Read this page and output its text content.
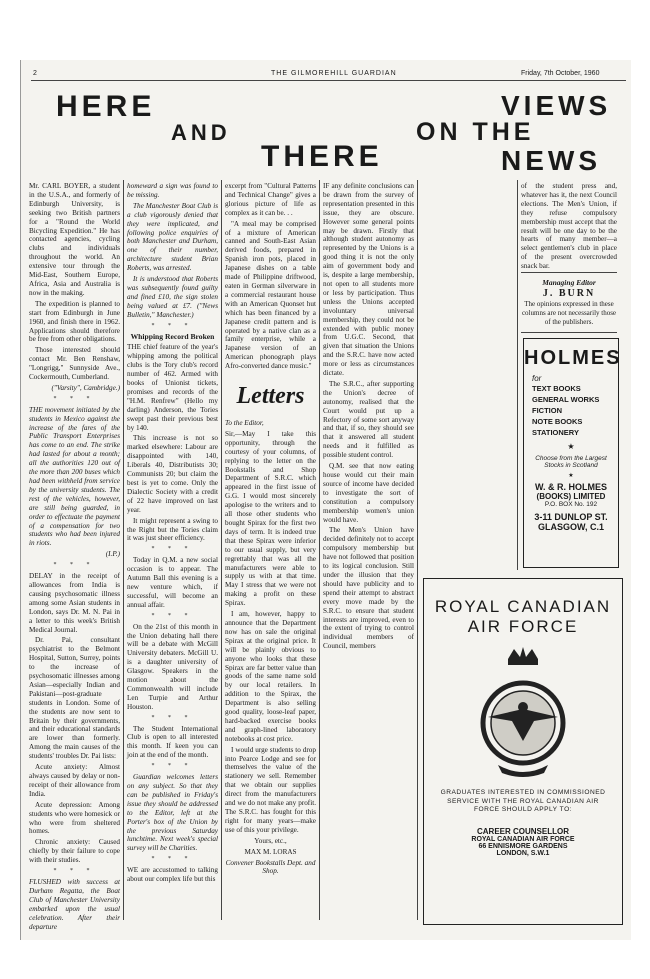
2	THE GILMOREHILL GUARDIAN	Friday, 7th October, 1960
HERE
AND
THERE
VIEWS
ON THE
NEWS

Mr. CARL BOYER, a student in the U.S.A., and formerly of Edinburgh University, is seeking two British partners for a "Round the World Bicycling Expedition." He has contacted agencies, cycling clubs and individuals throughout the world. An extensive tour through the Mid-East, Southern Europe, Africa, Asia and Australia is now in the making.

The expedition is planned to start from Edinburgh in June 1960, and finish there in 1962. Applications should therefore be free from other obligations.

Those interested should contact Mr. Ben Renshaw, "Longrigg," Sunnyside Ave., Cockermouth, Cumberland.

("Varsity", Cambridge.)

* * *

THE movement initiated by the students in Mexico against the increase of the fares of the Public Transport Enterprises has come to an end. The strike had lasted for about a month; all the authorities 120 out of the more than 200 buses which had been withheld from service by the university students. The rest of the vehicles, however, are still being guarded, in order to effectuate the payment of a compensation for two students who had been injured in riots.

(I.P.)

* * *

DELAY in the receipt of allowances from India is causing psychosomatic illness among some Asian students in London, says Dr. M. N. Pai in a letter to this week's British Medical Journal.

Dr. Pai, consultant psychiatrist to the Belmont Hospital, Sutton, Surrey, points to the increase of psychosomatic illnesses among Asian—especially Indian and Pakistani—post-graduate students in London. Some of the students are now sent to Britain by their governments, and their educational standards are lower than formerly. Among the main causes of the students' troubles Dr. Pai lists:

Acute anxiety: Almost always caused by delay or non-receipt of their allowance from India.

Acute depression: Among students who were homesick or who were from sheltered homes.

Chronic anxiety: Caused chiefly by their failure to cope with their studies.

* * *

FLUSHED with success at Durham Regatta, the Boat Club of Manchester University embarked upon the usual celebration. After their departure

homeward a sign was found to be missing.

The Manchester Boat Club is a club vigorously denied that they were implicated, and following police enquiries of both Manchester and Durham, one of their number, architecture student Brian Roberts, was arrested.

It is understood that Roberts was subsequently found guilty and fined £10, the sign stolen being valued at £7. ("News Bulletin," Manchester.)

* * *

Whipping Record Broken

THE chief feature of the year's whipping among the political clubs is the Tory club's record number of 462. Armed with books of Unionist tickets, promises and records of the "H.M. Renfrew" (Hello my darling) Anderson, the Tories swept past their previous best by 140.

This increase is not so marked elsewhere: Labour are disappointed with 140, Liberals 40, Distributists 30; Communists 20; but claim the best is yet to come. Only the Dialectic Society with a credit of 22 have improved on last year.

It might represent a swing to the Right but the Tories claim it was just sheer efficiency.

* * *

Today in Q.M. a new social occasion is to appear. The Autumn Ball this evening is a new venture which, if successful, will become an annual affair.

* * *

On the 21st of this month in the Union debating hall there will be a debate with McGill University debaters. McGill U. is a daughter university of Glasgow. Speakers in the motion about the Commonwealth will include Len Turpie and Arthur Houston.

* * *

The Student International Club is open to all interested this month. If keen you can join at the end of the month.

* * *

Guardian welcomes letters on any subject. So that they can be published in Friday's issue they should be addressed to the Editor, left at the Porter's box of the Union by the previous Saturday lunchtime. Next week's special survey will be Charities.

* * *

WE are accustomed to talking about our complex life but this

excerpt from "Cultural Patterns and Technical Change" gives a glorious picture of life as complex as it can be. . .

"A meal may be comprised of a mixture of American canned and South-East Asian derived foods, prepared in Spanish iron pots, placed in Japanese dishes on a table made of Philippine driftwood, eaten in German silverware in a commercial restaurant house with an American Quonset hut which has been financed by a Japanese credit pattern and is operated by a native clan as a family enterprise, while a Japanese version of an American phonograph plays Afro-converted dance music."

Letters

To the Editor,

Sir,—May I take this opportunity, through the courtesy of your columns, of replying to the letter on the Bookstalls and Shop Department of S.R.C. which appeared in the first issue of G.G. I would most sincerely apologise to the writers and to all those other students who bought Spirax for the first two days of term. It is indeed true that these Spirax were inferior to our usual supply, but very regrettably that was all the manufacturers were able to supply us with at that time. May I stress that we were not making a profit on these Spirax.

I am, however, happy to announce that the Department now has on sale the original Spirax at the original price. It will be plainly obvious to anyone who looks that these Spirax are far better value than goods of the same name sold by our local retailers. In addition to the Spirax, the Department is also selling good quality, loose-leaf paper, hard-backed exercise books and graph-lined laboratory notebooks at cost price.

I would urge students to drop into Pearce Lodge and see for themselves the value of the stationery we sell. Remember that we obtain our supplies direct from the manufacturers and we do not make any profit. The S.R.C. has fought for this right for many years—make use of this your privilege.

Yours, etc.,

MAX M. LORAS

Convener Bookstalls Dept. and Shop.

IF any definite conclusions can be drawn from the survey of representation presented in this issue, they are obscure. However some general points may be drawn. Firstly that although student autonomy as represented by the Unions is a good thing it is not the only aim of government body and is, despite a large membership, not open to all students more or less by participation. Thus unless the Unions accepted involuntary universal membership, they could not be extended with public money from U.G.C. Second, that given that situation the Unions and the S.R.C. have now acted more or less as circumstances dictate.

The S.R.C., after supporting the Union's decree of autonomy, realised that the Court would put up a Refectory of some sort anyway and that, if so, they should see that it answered all student needs and it fulfilled as possible student control.

Q.M. see that now eating house would cut their main source of income have decided to investigate the sort of constitution a compulsory membership women's union would have.

The Men's Union have decided definitely not to accept compulsory membership but have not followed that position to its logical conclusion. Still under the illusion that they should have publicity and to spend their attempt to abstract every move made by the S.R.C. to ensure that student interests are improved, even to the extent of trying to control individual members of Council, members

of the student press and, whatever has it, the next Council elections. The Men's Union, if they refuse compulsory membership must accept that the result will be one day to be the hearts of many member—a select gentlemen's club in place of the present overcrowded snack bar.

Managing Editor
J. BURN
The opinions expressed in these columns are not necessarily those of the publishers.
HOLMES
for
TEXT BOOKS
GENERAL WORKS
FICTION
NOTE BOOKS
STATIONERY
★
Choose from the Largest Stocks in Scotland
★
W. & R. HOLMES
(BOOKS) LIMITED
P.O. BOX No. 192
3-11 DUNLOP ST.
GLASGOW, C.1
ROYAL CANADIAN
AIR FORCE
GRADUATES INTERESTED IN COMMISSIONED SERVICE WITH THE ROYAL CANADIAN AIR FORCE SHOULD APPLY TO:
CAREER COUNSELLOR
ROYAL CANADIAN AIR FORCE
66 ENNISMORE GARDENS
LONDON, S.W.1
